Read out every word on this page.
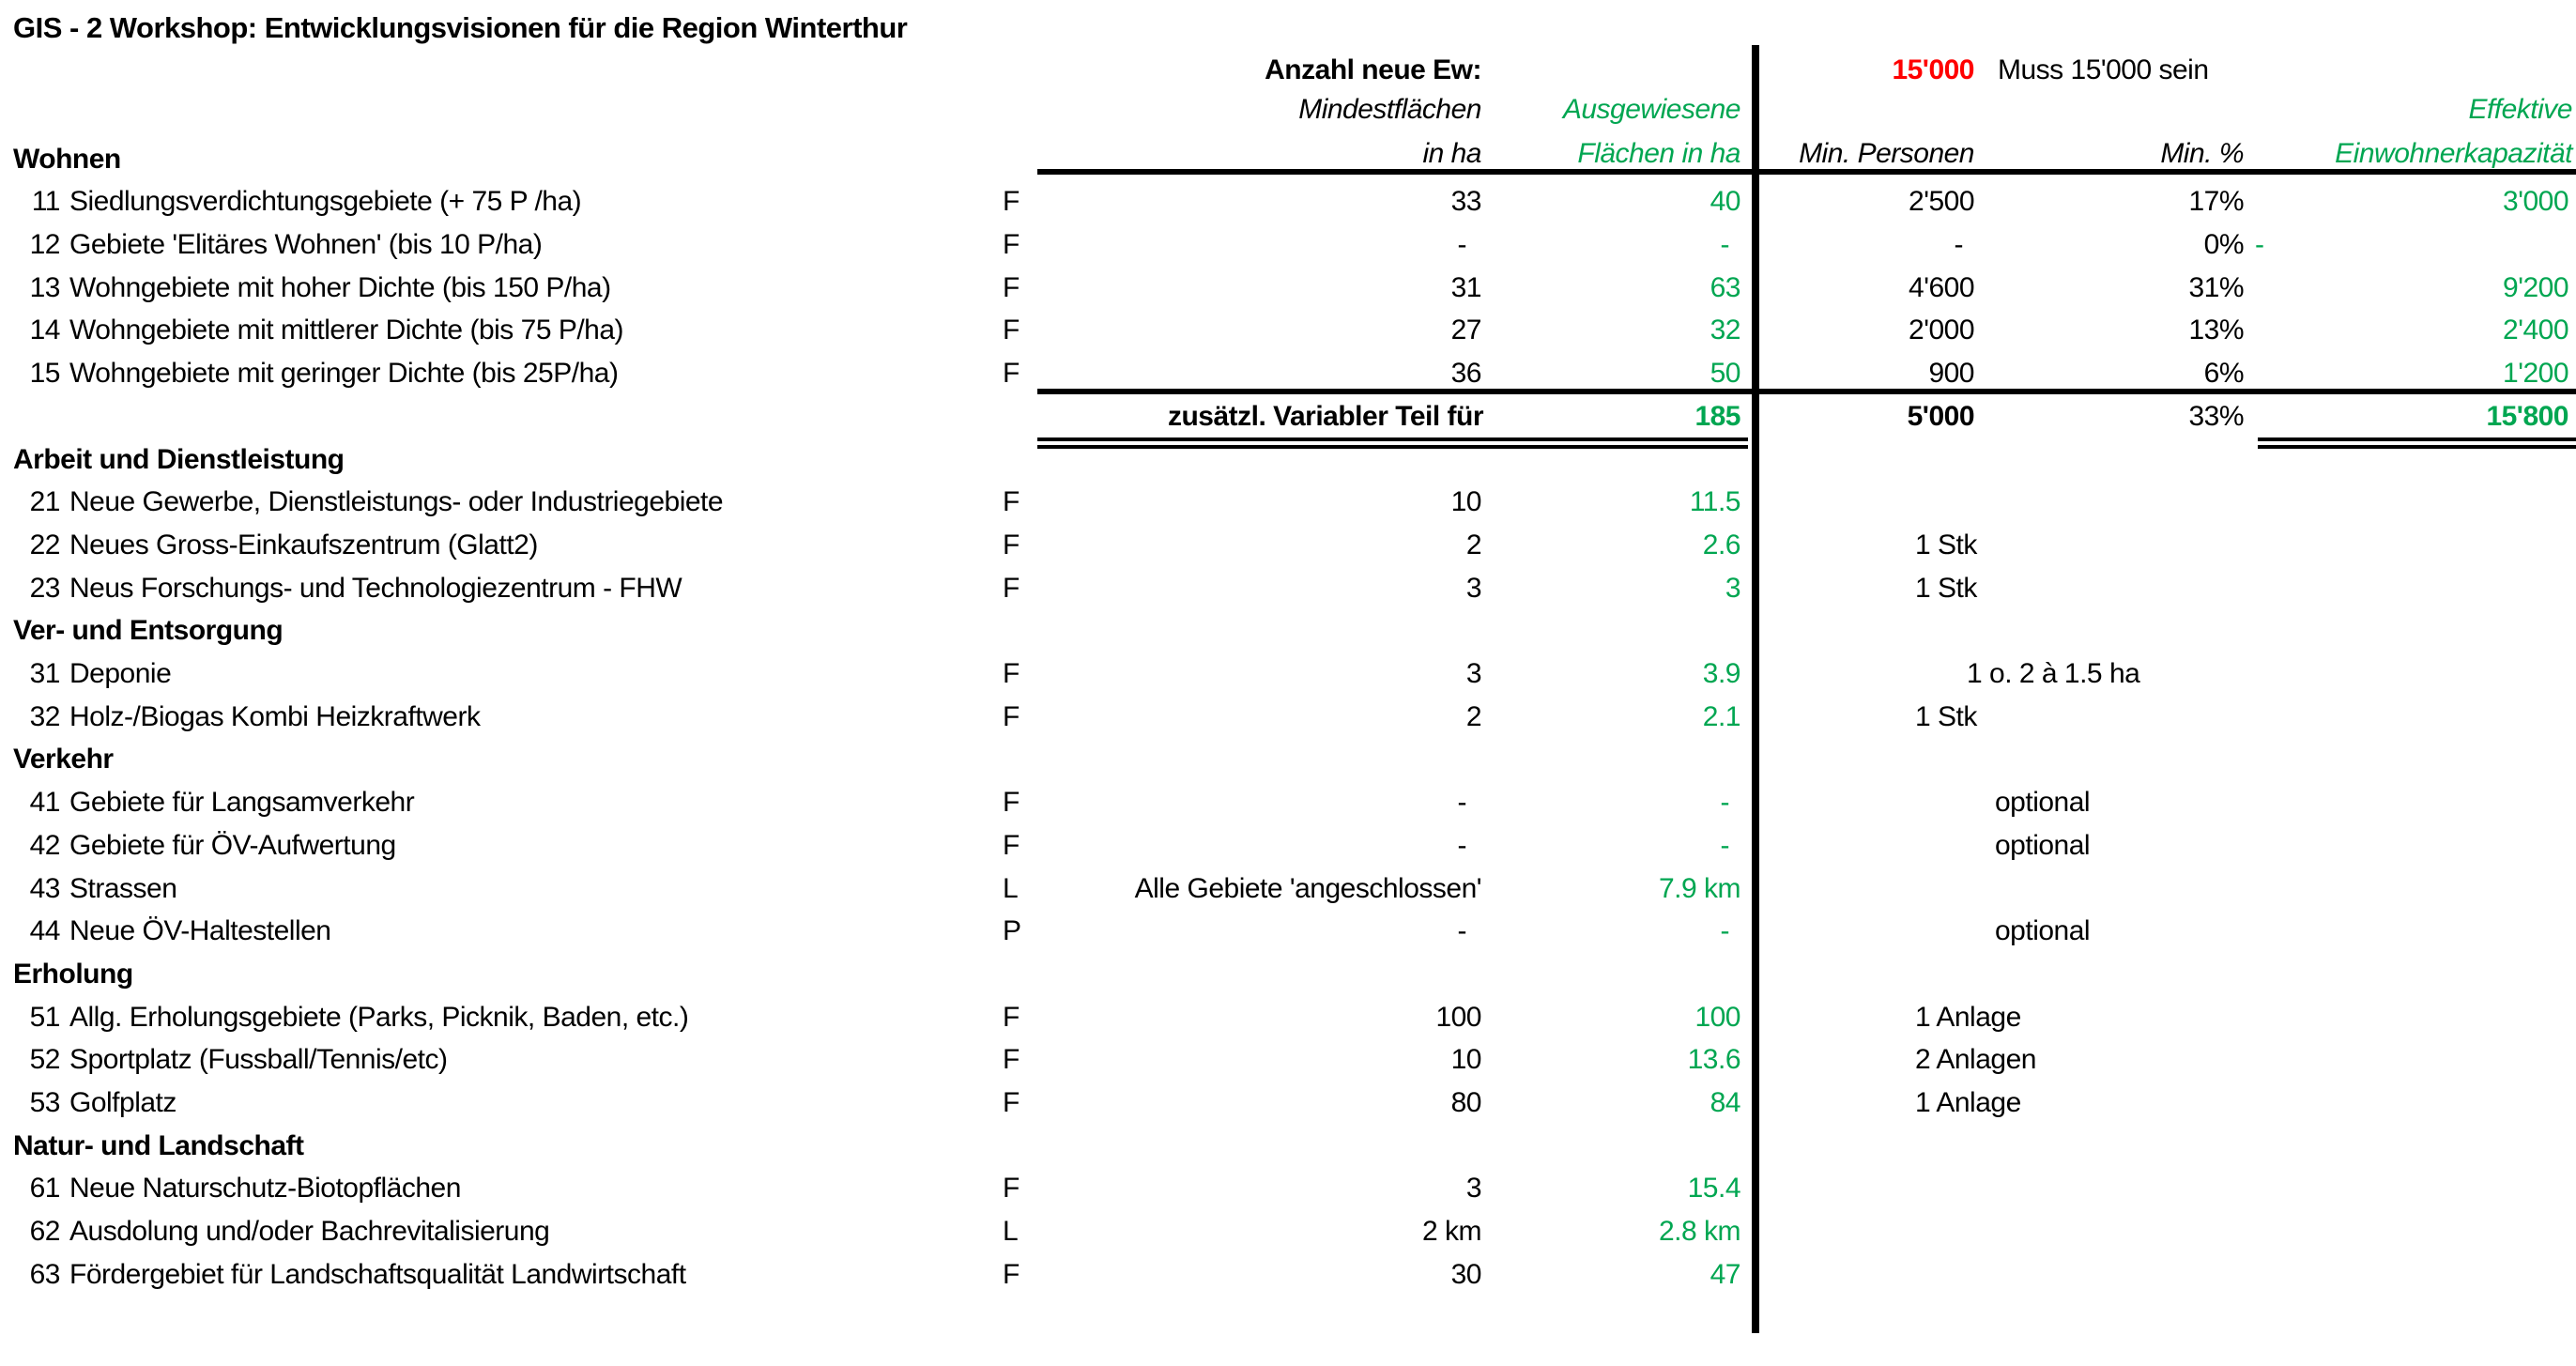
GIS - 2 Workshop: Entwicklungsvisionen für die Region Winterthur
Anzahl neue Ew:
Mindestflächen
in ha
Ausgewiesene
Flächen in ha
15'000 Muss 15'000 sein
Min. Personen	Min. %
Effektive
Einwohnerkapazität
Wohnen
11 Siedlungsverdichtungsgebiete (+ 75 P /ha)	F	33	40	2'500	17%	3'000
12 Gebiete 'Elitäres Wohnen' (bis 10 P/ha)	F	-	-	-	0% -
13 Wohngebiete mit hoher Dichte (bis 150 P/ha)	F	31	63	4'600	31%	9'200
14 Wohngebiete mit mittlerer Dichte (bis 75 P/ha)	F	27	32	2'000	13%	2'400
15 Wohngebiete mit geringer Dichte (bis 25P/ha)	F	36	50	900	6%	1'200
zusätzl. Variabler Teil für	185	5'000	33%	15'800
Arbeit und Dienstleistung
21 Neue Gewerbe, Dienstleistungs- oder Industriegebiete	F	10	11.5
22 Neues Gross-Einkaufszentrum (Glatt2)	F	2	2.6	1 Stk
23 Neus Forschungs- und Technologiezentrum - FHW	F	3	3	1 Stk
Ver- und Entsorgung
31 Deponie	F	3	3.9	1 o. 2 à 1.5 ha
32 Holz-/Biogas Kombi Heizkraftwerk	F	2	2.1	1 Stk
Verkehr
41 Gebiete für Langsamverkehr	F	-	-	optional
42 Gebiete für ÖV-Aufwertung	F	-	-	optional
43 Strassen	L	Alle Gebiete 'angeschlossen'	7.9 km
44 Neue ÖV-Haltestellen	P	-	-	optional
Erholung
51 Allg. Erholungsgebiete (Parks, Picknik, Baden, etc.)	F	100	100	1 Anlage
52 Sportplatz (Fussball/Tennis/etc)	F	10	13.6	2 Anlagen
53 Golfplatz	F	80	84	1 Anlage
Natur- und Landschaft
61 Neue Naturschutz-Biotopflächen	F	3	15.4
62 Ausdolung und/oder Bachrevitalisierung	L	2 km	2.8 km
63 Fördergebiet für Landschaftsqualität Landwirtschaft	F	30	47
